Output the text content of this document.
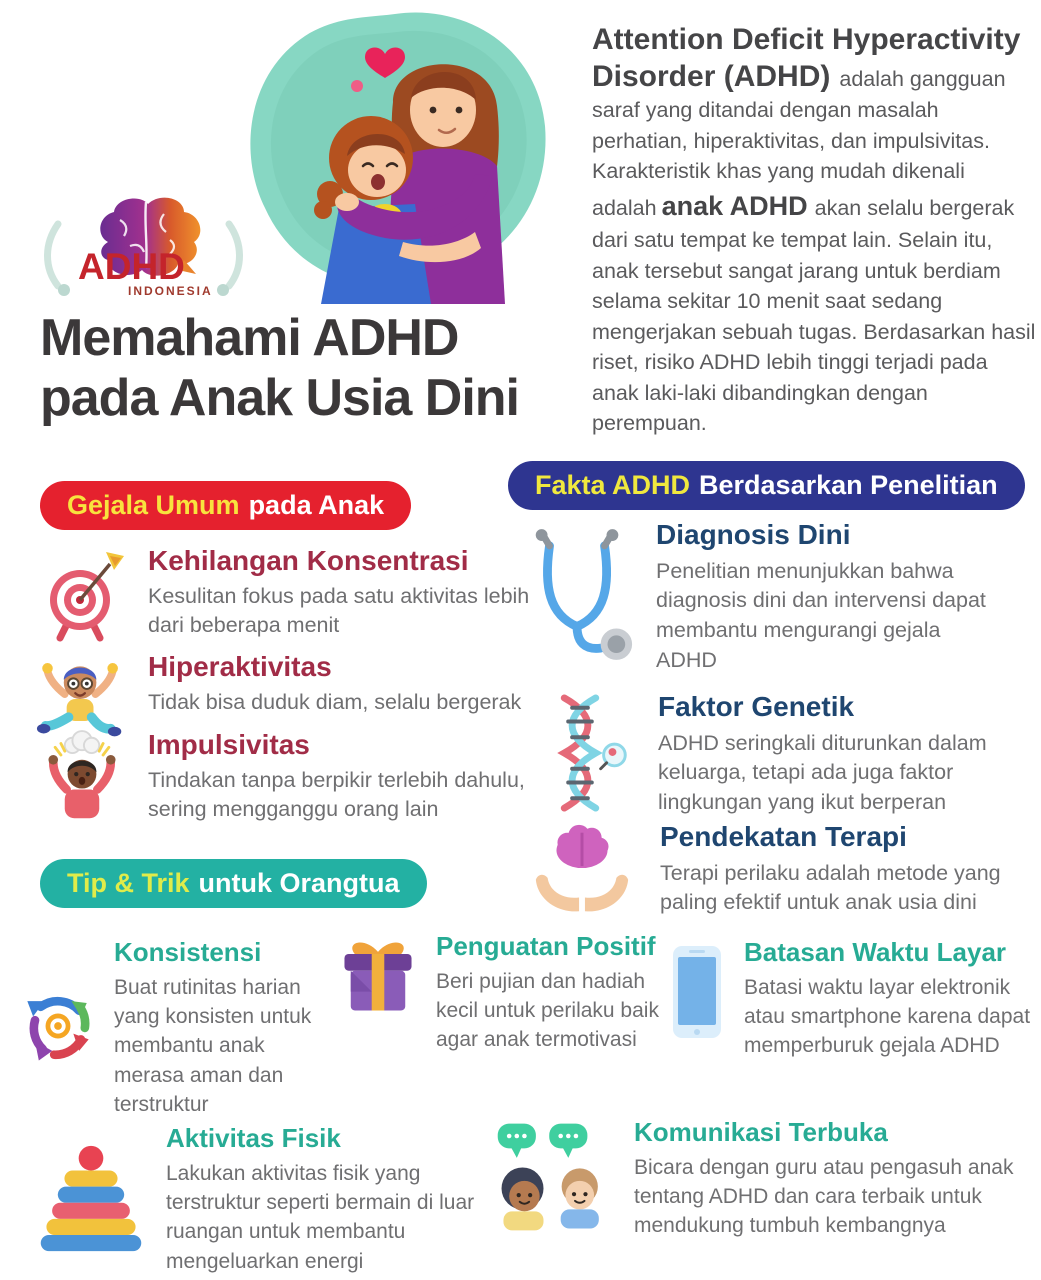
ADHD
INDONESIA

Attention Deficit Hyperactivity Disorder (ADHD) adalah gangguan saraf yang ditandai dengan masalah perhatian, hiperaktivitas, dan impulsivitas. Karakteristik khas yang mudah dikenali adalah anak ADHD akan selalu bergerak dari satu tempat ke tempat lain. Selain itu, anak tersebut sangat jarang untuk berdiam selama sekitar 10 menit saat sedang mengerjakan sebuah tugas. Berdasarkan hasil riset, risiko ADHD lebih tinggi terjadi pada anak laki-laki dibandingkan dengan perempuan.

Memahami ADHD
pada Anak Usia Dini
Gejala Umum pada Anak

Kehilangan Konsentrasi

Kesulitan fokus pada satu aktivitas lebih dari beberapa menit

Hiperaktivitas

Tidak bisa duduk diam, selalu bergerak

Impulsivitas

Tindakan tanpa berpikir terlebih dahulu, sering mengganggu orang lain

Fakta ADHD Berdasarkan Penelitian

Diagnosis Dini

Penelitian menunjukkan bahwa diagnosis dini dan intervensi dapat membantu mengurangi gejala ADHD

Faktor Genetik

ADHD seringkali diturunkan dalam keluarga, tetapi ada juga faktor lingkungan yang ikut berperan

Pendekatan Terapi

Terapi perilaku adalah metode yang paling efektif untuk anak usia dini

Tip & Trik untuk Orangtua

Konsistensi

Buat rutinitas harian yang konsisten untuk membantu anak merasa aman dan terstruktur

Penguatan Positif

Beri pujian dan hadiah kecil untuk perilaku baik agar anak termotivasi

Batasan Waktu Layar

Batasi waktu layar elektronik atau smartphone karena dapat memperburuk gejala ADHD

Aktivitas Fisik

Lakukan aktivitas fisik yang terstruktur seperti bermain di luar ruangan untuk membantu mengeluarkan energi

Komunikasi Terbuka

Bicara dengan guru atau pengasuh anak tentang ADHD dan cara terbaik untuk mendukung tumbuh kembangnya
